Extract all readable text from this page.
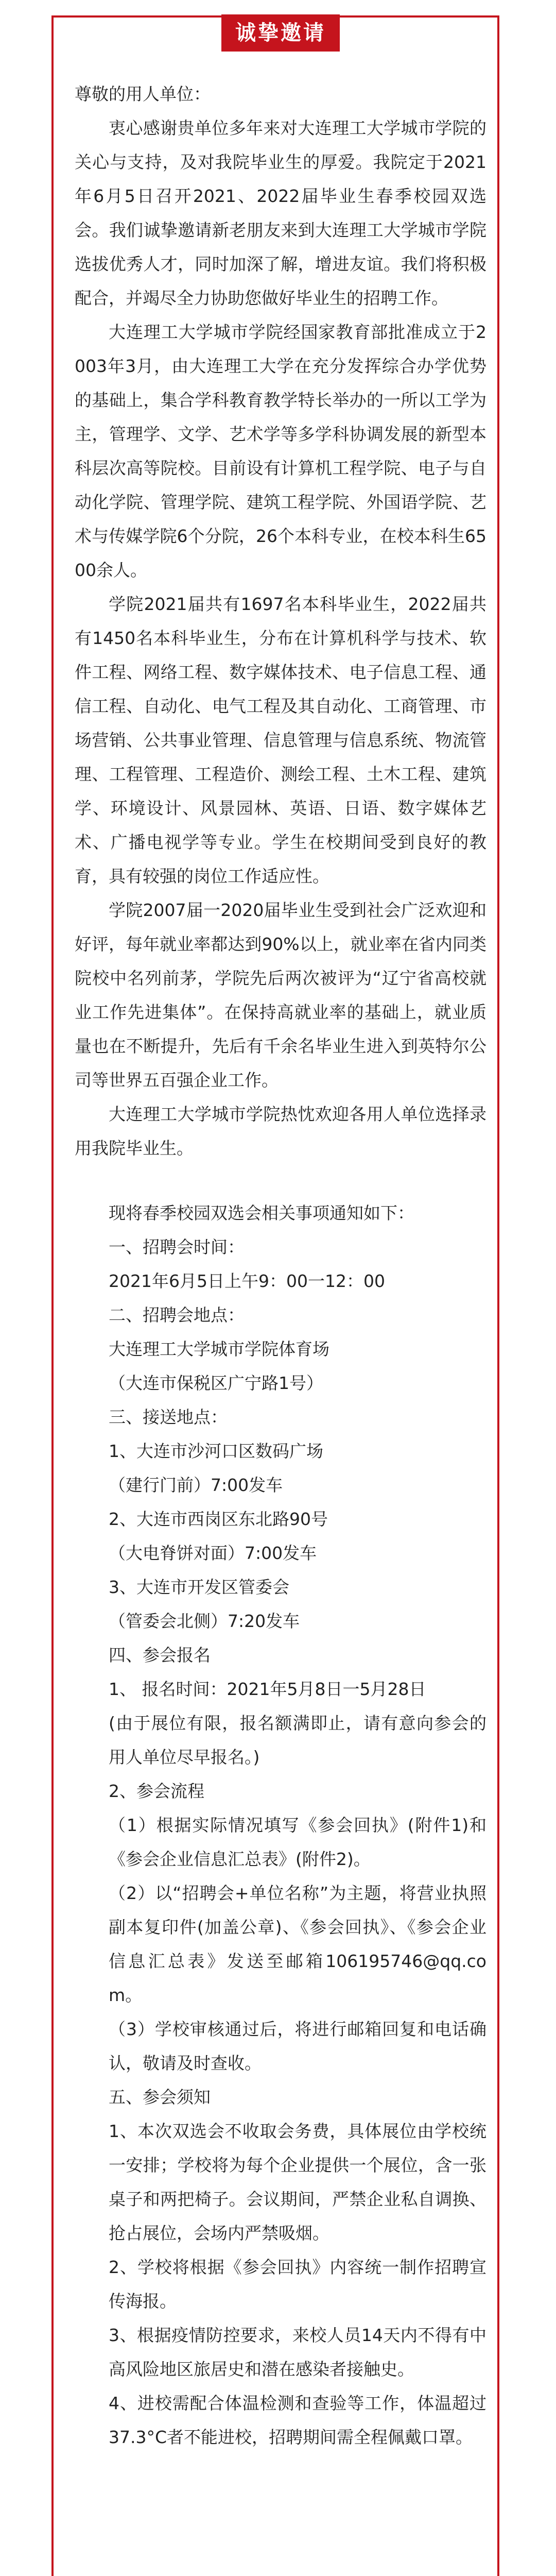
诚挚邀请

尊敬的用人单位：

衷心感谢贵单位多年来对大连理工大学城市学院的关心与支持，及对我院毕业生的厚爱。我院定于2021年6月5日召开2021、2022届毕业生春季校园双选会。我们诚挚邀请新老朋友来到大连理工大学城市学院选拔优秀人才，同时加深了解，增进友谊。我们将积极配合，并竭尽全力协助您做好毕业生的招聘工作。

大连理工大学城市学院经国家教育部批准成立于2003年3月，由大连理工大学在充分发挥综合办学优势的基础上，集合学科教育教学特长举办的一所以工学为主，管理学、文学、艺术学等多学科协调发展的新型本科层次高等院校。目前设有计算机工程学院、电子与自动化学院、管理学院、建筑工程学院、外国语学院、艺术与传媒学院6个分院，26个本科专业，在校本科生6500余人。

学院2021届共有1697名本科毕业生，2022届共有1450名本科毕业生，分布在计算机科学与技术、软件工程、网络工程、数字媒体技术、电子信息工程、通信工程、自动化、电气工程及其自动化、工商管理、市场营销、公共事业管理、信息管理与信息系统、物流管理、工程管理、工程造价、测绘工程、土木工程、建筑学、环境设计、风景园林、英语、日语、数字媒体艺术、广播电视学等专业。学生在校期间受到良好的教育，具有较强的岗位工作适应性。

学院2007届一2020届毕业生受到社会广泛欢迎和好评，每年就业率都达到90%以上，就业率在省内同类院校中名列前茅，学院先后两次被评为“辽宁省高校就业工作先进集体”。在保持高就业率的基础上，就业质量也在不断提升，先后有千余名毕业生进入到英特尔公司等世界五百强企业工作。

大连理工大学城市学院热忱欢迎各用人单位选择录用我院毕业生。

现将春季校园双选会相关事项通知如下：

一、招聘会时间：

2021年6月5日上午9：00一12：00

二、招聘会地点：

大连理工大学城市学院体育场

（大连市保税区广宁路1号）

三、接送地点：

1、大连市沙河口区数码广场

（建行门前）7:00发车

2、大连市西岗区东北路90号

（大电脊饼对面）7:00发车

3、大连市开发区管委会

（管委会北侧）7:20发车

四、参会报名

1、 报名时间：2021年5月8日一5月28日

(由于展位有限，报名额满即止，请有意向参会的用人单位尽早报名。)

2、参会流程

（1）根据实际情况填写《参会回执》(附件1)和《参会企业信息汇总表》(附件2)。

（2）以“招聘会+单位名称”为主题，将营业执照副本复印件(加盖公章)、《参会回执》、《参会企业信息汇总表》发送至邮箱106195746@qq.com。

（3）学校审核通过后，将进行邮箱回复和电话确认，敬请及时查收。

五、参会须知

1、本次双选会不收取会务费，具体展位由学校统一安排；学校将为每个企业提供一个展位，含一张桌子和两把椅子。会议期间，严禁企业私自调换、抢占展位，会场内严禁吸烟。

2、学校将根据《参会回执》内容统一制作招聘宣传海报。

3、根据疫情防控要求，来校人员14天内不得有中高风险地区旅居史和潜在感染者接触史。

4、进校需配合体温检测和查验等工作，体温超过37.3°C者不能进校，招聘期间需全程佩戴口罩。
